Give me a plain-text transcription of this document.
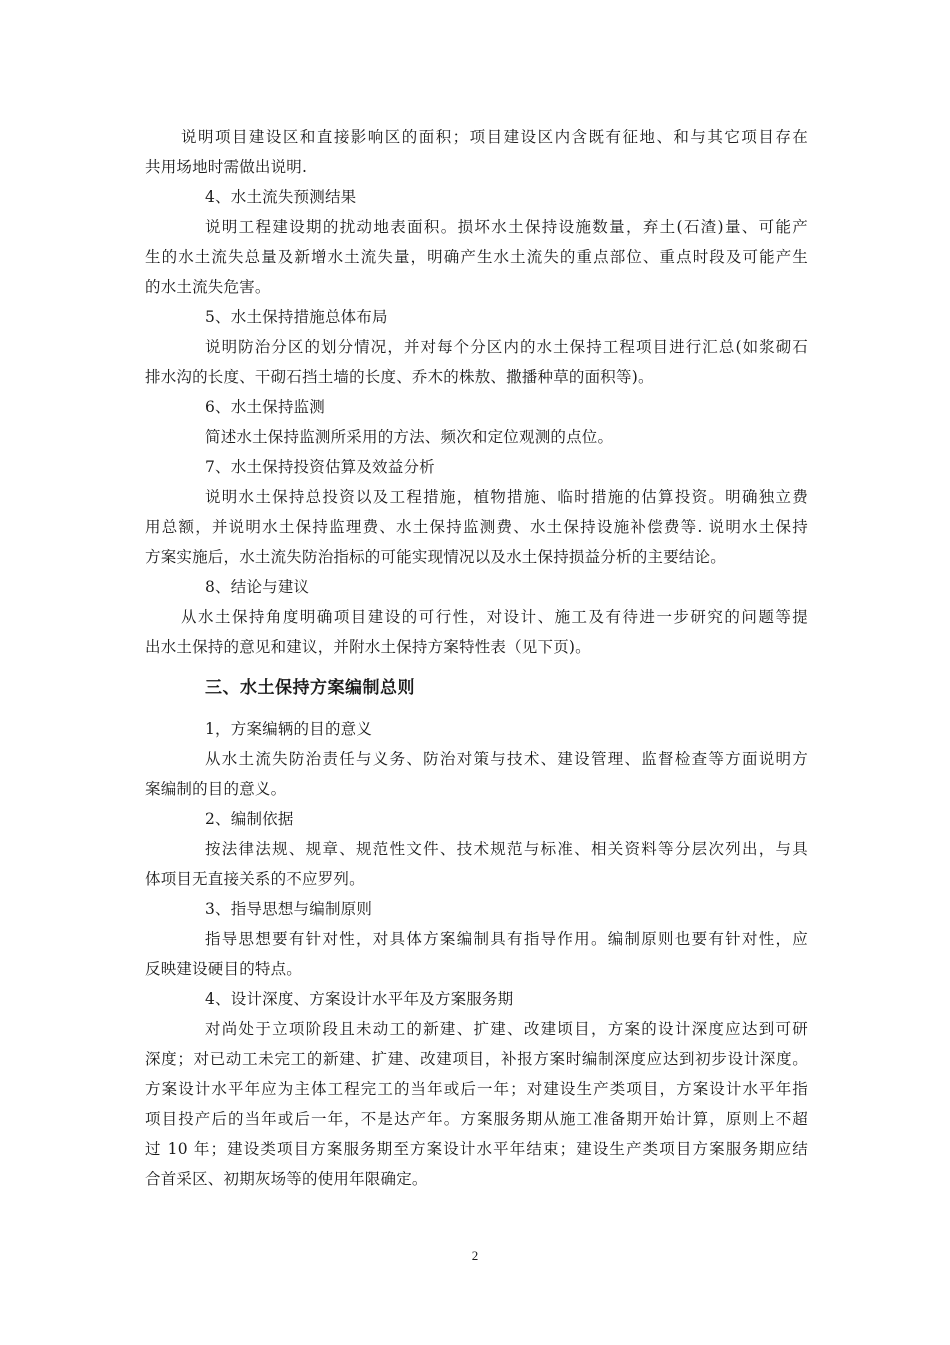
说明项目建设区和直接影响区的面积；项目建设区内含既有征地、和与其它项目存在
共用场地时需做出说明.
4、水土流失预测结果
说明工程建设期的扰动地表面积。损坏水土保持设施数量，弃土(石渣)量、可能产
生的水土流失总量及新增水土流失量，明确产生水土流失的重点部位、重点时段及可能产生
的水土流失危害。
5、水土保持措施总体布局
说明防治分区的划分情况，并对每个分区内的水土保持工程项目进行汇总(如浆砌石
排水沟的长度、干砌石挡土墙的长度、乔木的株敖、撒播种草的面积等)。
6、水土保持监测
简述水土保持监测所采用的方法、频次和定位观测的点位。
7、水土保持投资估算及效益分析
说明水土保持总投资以及工程措施，植物措施、临时措施的估算投资。明确独立费
用总额，并说明水土保持监理费、水土保持监测费、水土保持设施补偿费等. 说明水土保持
方案实施后，水土流失防治指标的可能实现情况以及水土保持损益分析的主要结论。
8、结论与建议
从水土保持角度明确项目建设的可行性，对设计、施工及有待进一步研究的问题等提
出水土保持的意见和建议，并附水土保持方案特性表（见下页)。
三、水土保持方案编制总则
1，方案编辆的目的意义
从水土流失防治责任与义务、防治对策与技术、建设管理、监督检查等方面说明方
案编制的目的意义。
2、编制依据
按法律法规、规章、规范性文件、技术规范与标准、相关资料等分层次列出，与具
体项目无直接关系的不应罗列。
3、指导思想与编制原则
指导思想要有针对性，对具体方案编制具有指导作用。编制原则也要有针对性，应
反映建设硬目的特点。
4、设计深度、方案设计水平年及方案服务期
对尚处于立项阶段且未动工的新建、扩建、改建顷目，方案的设计深度应达到可研
深度；对已动工未完工的新建、扩建、改建项目，补报方案时编制深度应达到初步设计深度。
方案设计水平年应为主体工程完工的当年或后一年；对建设生产类项目，方案设计水平年指
项目投产后的当年或后一年，不是达产年。方案服务期从施工准备期开始计算，原则上不超
过 10 年；建设类项目方案服务期至方案设计水平年结束；建设生产类项目方案服务期应结
合首采区、初期灰场等的使用年限确定。
2
